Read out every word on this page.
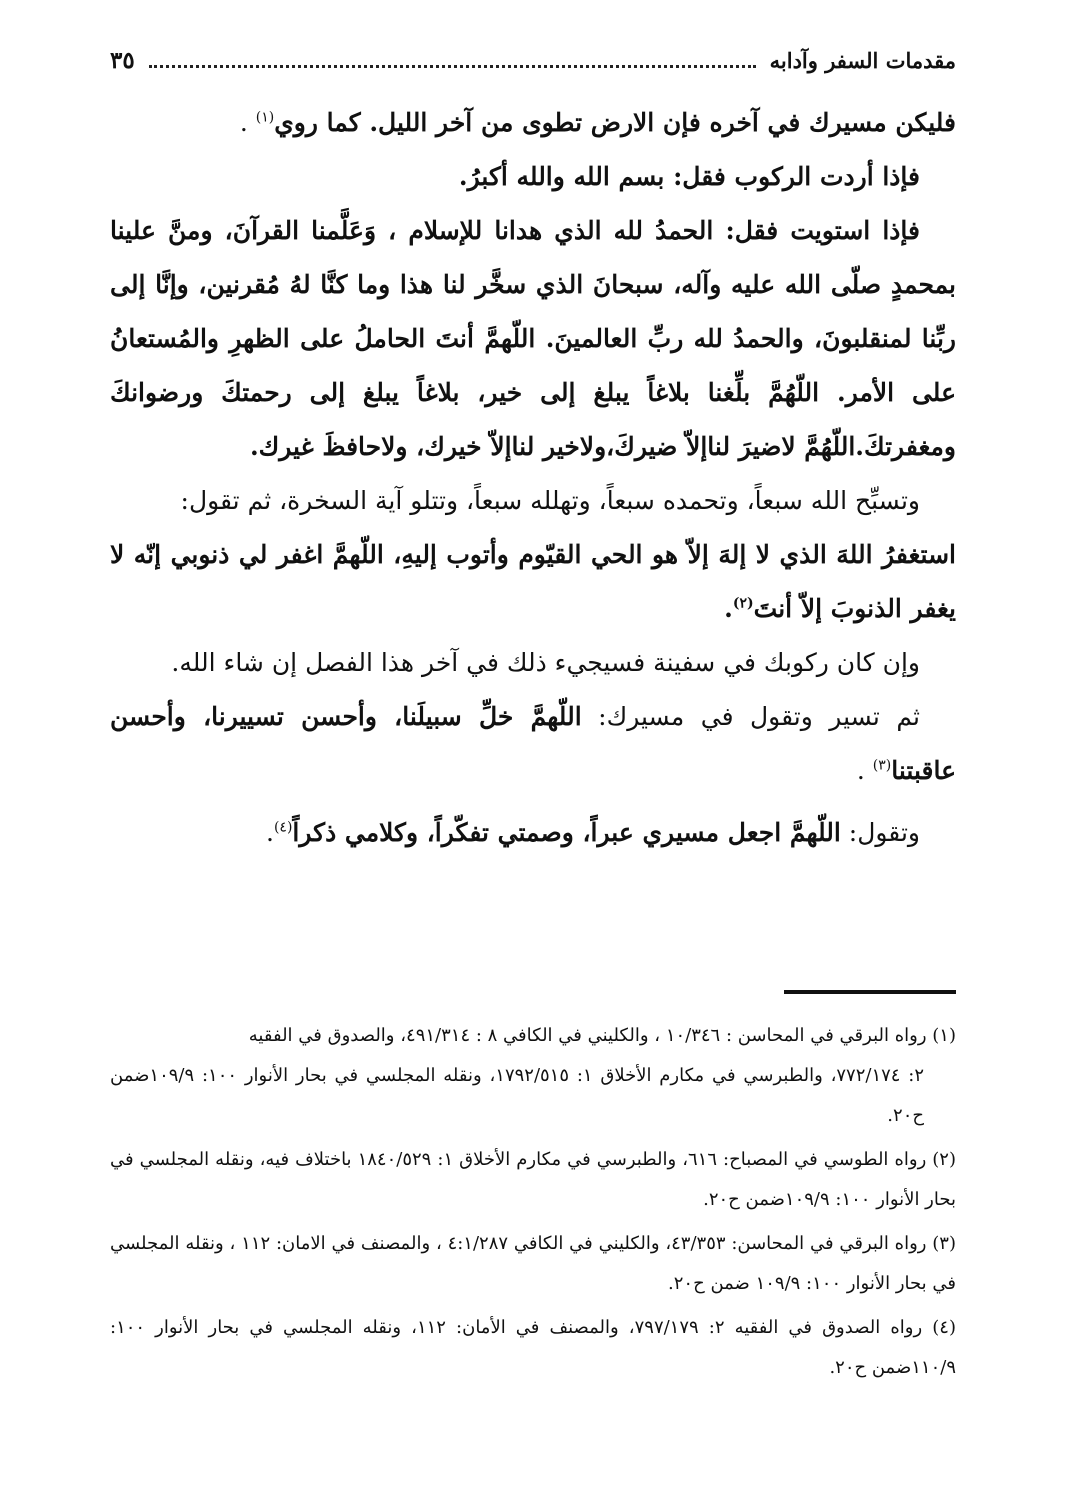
مقدمات السفر وآدابه
٣٥

فليكن مسيرك في آخره فإن الارض تطوى من آخر الليل. كما روي$^{(١)}$ .

فإذا أردت الركوب فقل: بسم الله والله أكبرُ.

فإذا استويت فقل: الحمدُ لله الذي هدانا للإسلام ، وَعَلَّمنا القرآنَ، ومنَّ علينا بمحمدٍ صلّى الله عليه وآله، سبحانَ الذي سخَّر لنا هذا وما كنَّا لهُ مُقرنين، وإنَّا إلى ربِّنا لمنقلبونَ، والحمدُ لله ربِّ العالمينَ. اللّهمَّ أنتَ الحاملُ على الظهرِ والمُستعانُ على الأمر. اللّهُمَّ بلِّغنا بلاغاً يبلغ إلى خير، بلاغاً يبلغ إلى رحمتكَ ورضوانكَ ومغفرتكَ.اللّهُمَّ لاضيرَ لناإلاّ ضيركَ،ولاخير لناإلاّ خيرك، ولاحافظَ غيرك.

وتسبِّح الله سبعاً، وتحمده سبعاً، وتهلله سبعاً، وتتلو آية السخرة، ثم تقول:

استغفرُ اللهَ الذي لا إلهَ إلاّ هو الحي القيّوم وأتوب إليهِ، اللّهمَّ اغفر لي ذنوبي إنّه لا يغفر الذنوبَ إلاّ أنتَ$^{(٢)}$.

وإن كان ركوبك في سفينة فسيجيء ذلك في آخر هذا الفصل إن شاء الله.

ثم تسير وتقول في مسيرك: اللّهمَّ خلِّ سبيلَنا، وأحسن تسييرنا، وأحسن عاقبتنا$^{(٣)}$ .

وتقول: اللّهمَّ اجعل مسيري عبراً، وصمتي تفكّراً، وكلامي ذكراً$^{(٤)}$.

(١) رواه البرقي في المحاسن : ١٠/٣٤٦ ، والكليني في الكافي ٨ : ٤٩١/٣١٤، والصدوق في الفقيه
٢: ٧٧٢/١٧٤، والطبرسي في مكارم الأخلاق ١: ١٧٩٢/٥١٥، ونقله المجلسي في بحار الأنوار ١٠٠: ١٠٩/٩ضمن ح٢٠.
(٢) رواه الطوسي في المصباح: ٦١٦، والطبرسي في مكارم الأخلاق ١: ١٨٤٠/٥٢٩ باختلاف فيه، ونقله المجلسي في بحار الأنوار ١٠٠: ١٠٩/٩ضمن ح٢٠.
(٣) رواه البرقي في المحاسن: ٤٣/٣٥٣، والكليني في الكافي ٤:١/٢٨٧ ، والمصنف في الامان: ١١٢ ، ونقله المجلسي في بحار الأنوار ١٠٠: ١٠٩/٩ ضمن ح٢٠.
(٤) رواه الصدوق في الفقيه ٢: ٧٩٧/١٧٩، والمصنف في الأمان: ١١٢، ونقله المجلسي في بحار الأنوار ١٠٠: ١١٠/٩ضمن ح٢٠.
